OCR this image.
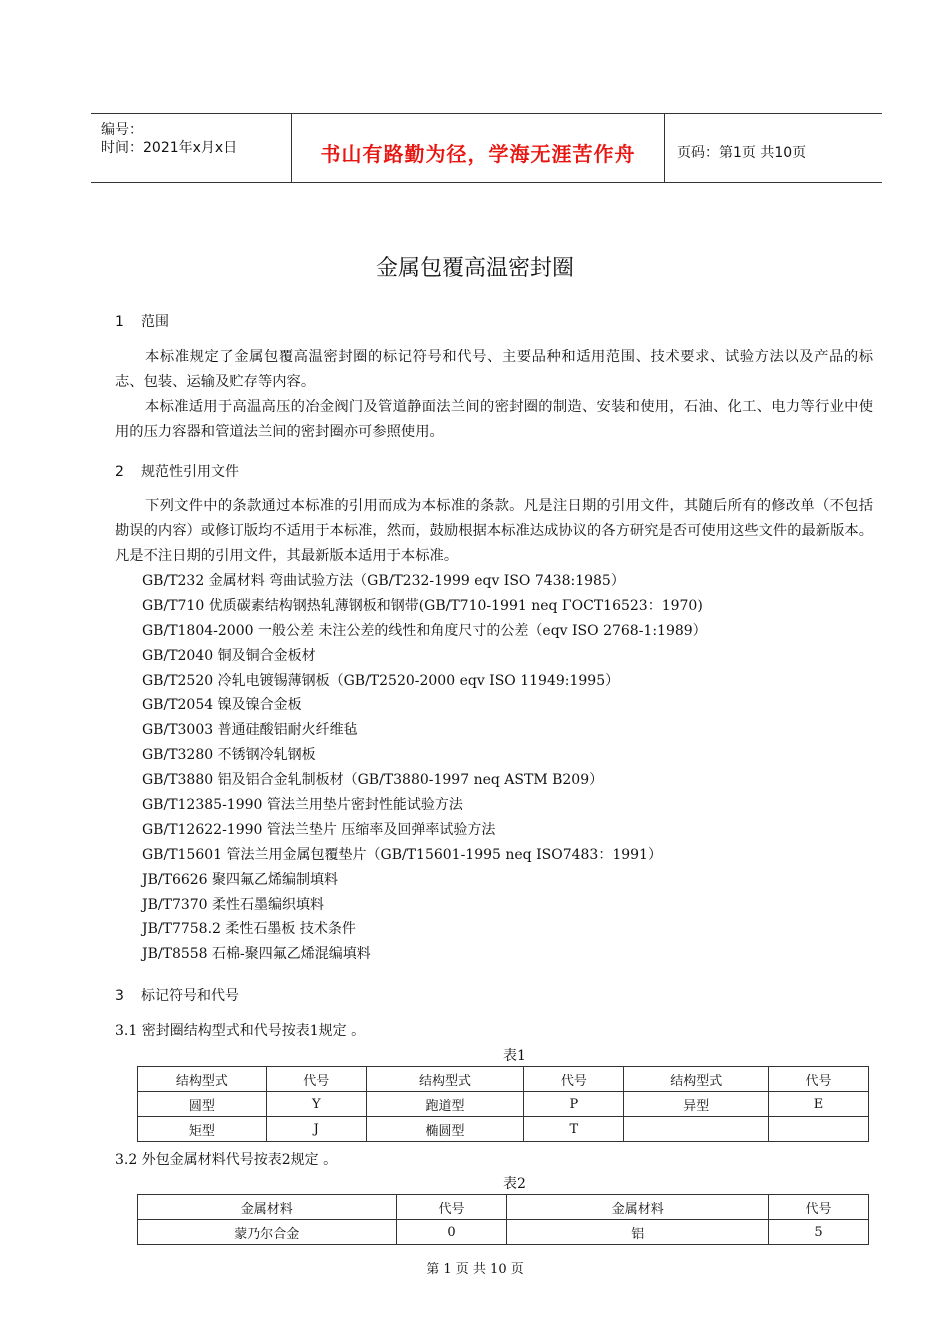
编号：
时间：2021年x月x日	书山有路勤为径，学海无涯苦作舟	页码：第1页 共10页
金属包覆高温密封圈
1 范围
本标准规定了金属包覆高温密封圈的标记符号和代号、主要品种和适用范围、技术要求、试验方法以及产品的标志、包装、运输及贮存等内容。
本标准适用于高温高压的冶金阀门及管道静面法兰间的密封圈的制造、安装和使用，石油、化工、电力等行业中使用的压力容器和管道法兰间的密封圈亦可参照使用。
2 规范性引用文件
下列文件中的条款通过本标准的引用而成为本标准的条款。凡是注日期的引用文件，其随后所有的修改单（不包括勘误的内容）或修订版均不适用于本标准，然而，鼓励根据本标准达成协议的各方研究是否可使用这些文件的最新版本。凡是不注日期的引用文件，其最新版本适用于本标准。
GB/T232 金属材料 弯曲试验方法（GB/T232-1999 eqv ISO 7438:1985）
GB/T710 优质碳素结构钢热轧薄钢板和钢带(GB/T710-1991 neq ΓOCT16523：1970)
GB/T1804-2000 一般公差 未注公差的线性和角度尺寸的公差（eqv ISO 2768-1:1989）
GB/T2040 铜及铜合金板材
GB/T2520 冷轧电镀锡薄钢板（GB/T2520-2000 eqv ISO 11949:1995）
GB/T2054 镍及镍合金板
GB/T3003 普通硅酸铝耐火纤维毡
GB/T3280 不锈钢冷轧钢板
GB/T3880 铝及铝合金轧制板材（GB/T3880-1997 neq ASTM B209）
GB/T12385-1990 管法兰用垫片密封性能试验方法
GB/T12622-1990 管法兰垫片 压缩率及回弹率试验方法
GB/T15601 管法兰用金属包覆垫片（GB/T15601-1995 neq ISO7483：1991）
JB/T6626 聚四氟乙烯编制填料
JB/T7370 柔性石墨编织填料
JB/T7758.2 柔性石墨板 技术条件
JB/T8558 石棉-聚四氟乙烯混编填料
3 标记符号和代号
3.1 密封圈结构型式和代号按表1规定 。
表1
结构型式	代号	结构型式	代号	结构型式	代号
圆型	Y	跑道型	P	异型	E
矩型	J	椭圆型	T		
3.2 外包金属材料代号按表2规定 。
表2
金属材料	代号	金属材料	代号
蒙乃尔合金	0	铝	5
第 1 页 共 10 页
